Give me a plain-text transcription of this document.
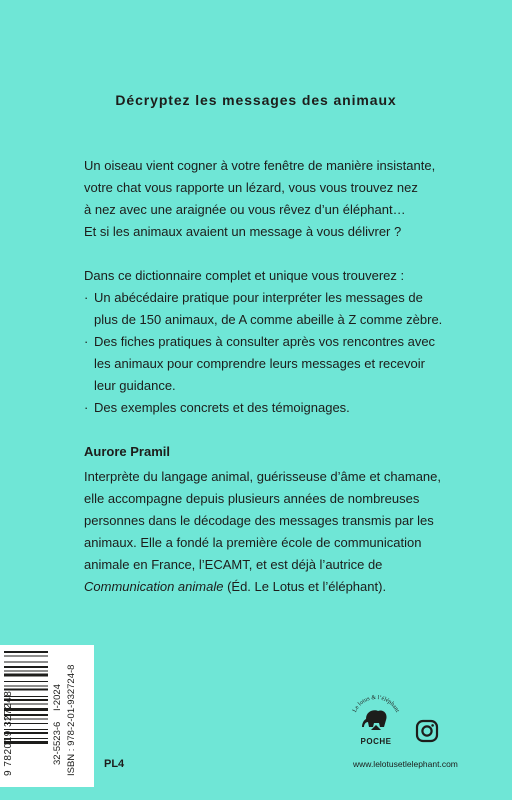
Décryptez les messages des animaux
Un oiseau vient cogner à votre fenêtre de manière insistante,
votre chat vous rapporte un lézard, vous vous trouvez nez
à nez avec une araignée ou vous rêvez d’un éléphant…
Et si les animaux avaient un message à vous délivrer ?
Dans ce dictionnaire complet et unique vous trouverez :
· Un abécédaire pratique pour interpréter les messages de
plus de 150 animaux, de A comme abeille à Z comme zèbre.
· Des fiches pratiques à consulter après vos rencontres avec
les animaux pour comprendre leurs messages et recevoir
leur guidance.
· Des exemples concrets et des témoignages.
Aurore Pramil
Interprète du langage animal, guérisseuse d’âme et chamane,
elle accompagne depuis plusieurs années de nombreuses
personnes dans le décodage des messages transmis par les
animaux. Elle a fondé la première école de communication
animale en France, l’ECAMT, et est déjà l’autrice de
Communication animale (Éd. Le Lotus et l’éléphant).
9 782019 327248	32-5523-6
I-2024 ISBN : 978-2-01-932724-8 PL4
Le lotus & l’éléphant
POCHE
www.lelotusetlelephant.com
